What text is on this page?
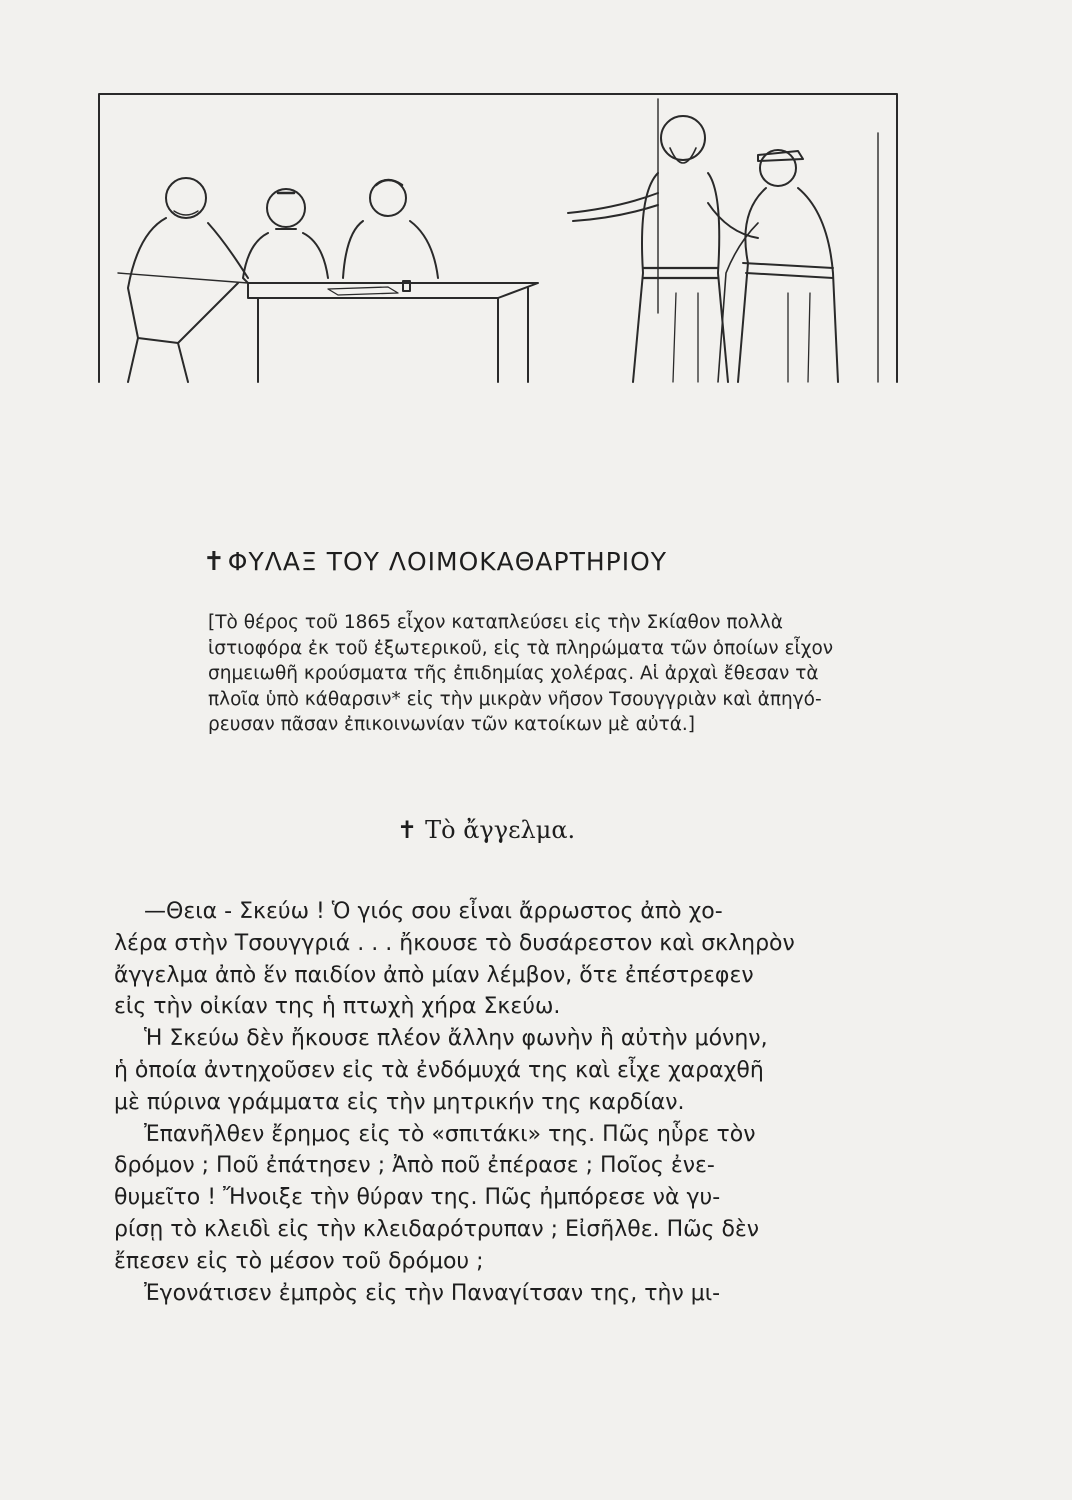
✝ΦΥΛΑΞ ΤΟΥ ΛΟΙΜΟΚΑΘΑΡΤΗΡΙΟΥ

[Τὸ θέρος τοῦ 1865 εἶχον καταπλεύσει εἰς τὴν Σκίαθον πολλὰ

ἱστιοφόρα ἐκ τοῦ ἐξωτερικοῦ, εἰς τὰ πληρώματα τῶν ὁποίων εἶχον

σημειωθῆ κρούσματα τῆς ἐπιδημίας χολέρας. Αἱ ἀρχαὶ ἔθεσαν τὰ

πλοῖα ὑπὸ κάθαρσιν* εἰς τὴν μικρὰν νῆσον Τσουγγριὰν καὶ ἀπηγό-

ρευσαν πᾶσαν ἐπικοινωνίαν τῶν κατοίκων μὲ αὐτά.]

✝ Τὸ ἄγγελμα.

—Θεια - Σκεύω ! Ὁ γιός σου εἶναι ἄρρωστος ἀπὸ χο-

λέρα στὴν Τσουγγριά . . . ἤκουσε τὸ δυσάρεστον καὶ σκληρὸν

ἄγγελμα ἀπὸ ἕν παιδίον ἀπὸ μίαν λέμβον, ὅτε ἐπέστρεφεν

εἰς τὴν οἰκίαν της ἡ πτωχὴ χήρα Σκεύω.

Ἡ Σκεύω δὲν ἤκουσε πλέον ἄλλην φωνὴν ἢ αὐτὴν μόνην,

ἡ ὁποία ἀντηχοῦσεν εἰς τὰ ἐνδόμυχά της καὶ εἶχε χαραχθῆ

μὲ πύρινα γράμματα εἰς τὴν μητρικήν της καρδίαν.

Ἐπανῆλθεν ἔρημος εἰς τὸ «σπιτάκι» της. Πῶς ηὗρε τὸν

δρόμον ; Ποῦ ἐπάτησεν ; Ἀπὸ ποῦ ἐπέρασε ; Ποῖος ἐνε-

θυμεῖτο ! Ἤνοιξε τὴν θύραν της. Πῶς ἠμπόρεσε νὰ γυ-

ρίσῃ τὸ κλειδὶ εἰς τὴν κλειδαρότρυπαν ; Εἰσῆλθε. Πῶς δὲν

ἔπεσεν εἰς τὸ μέσον τοῦ δρόμου ;

Ἐγονάτισεν ἐμπρὸς εἰς τὴν Παναγίτσαν της, τὴν μι-
